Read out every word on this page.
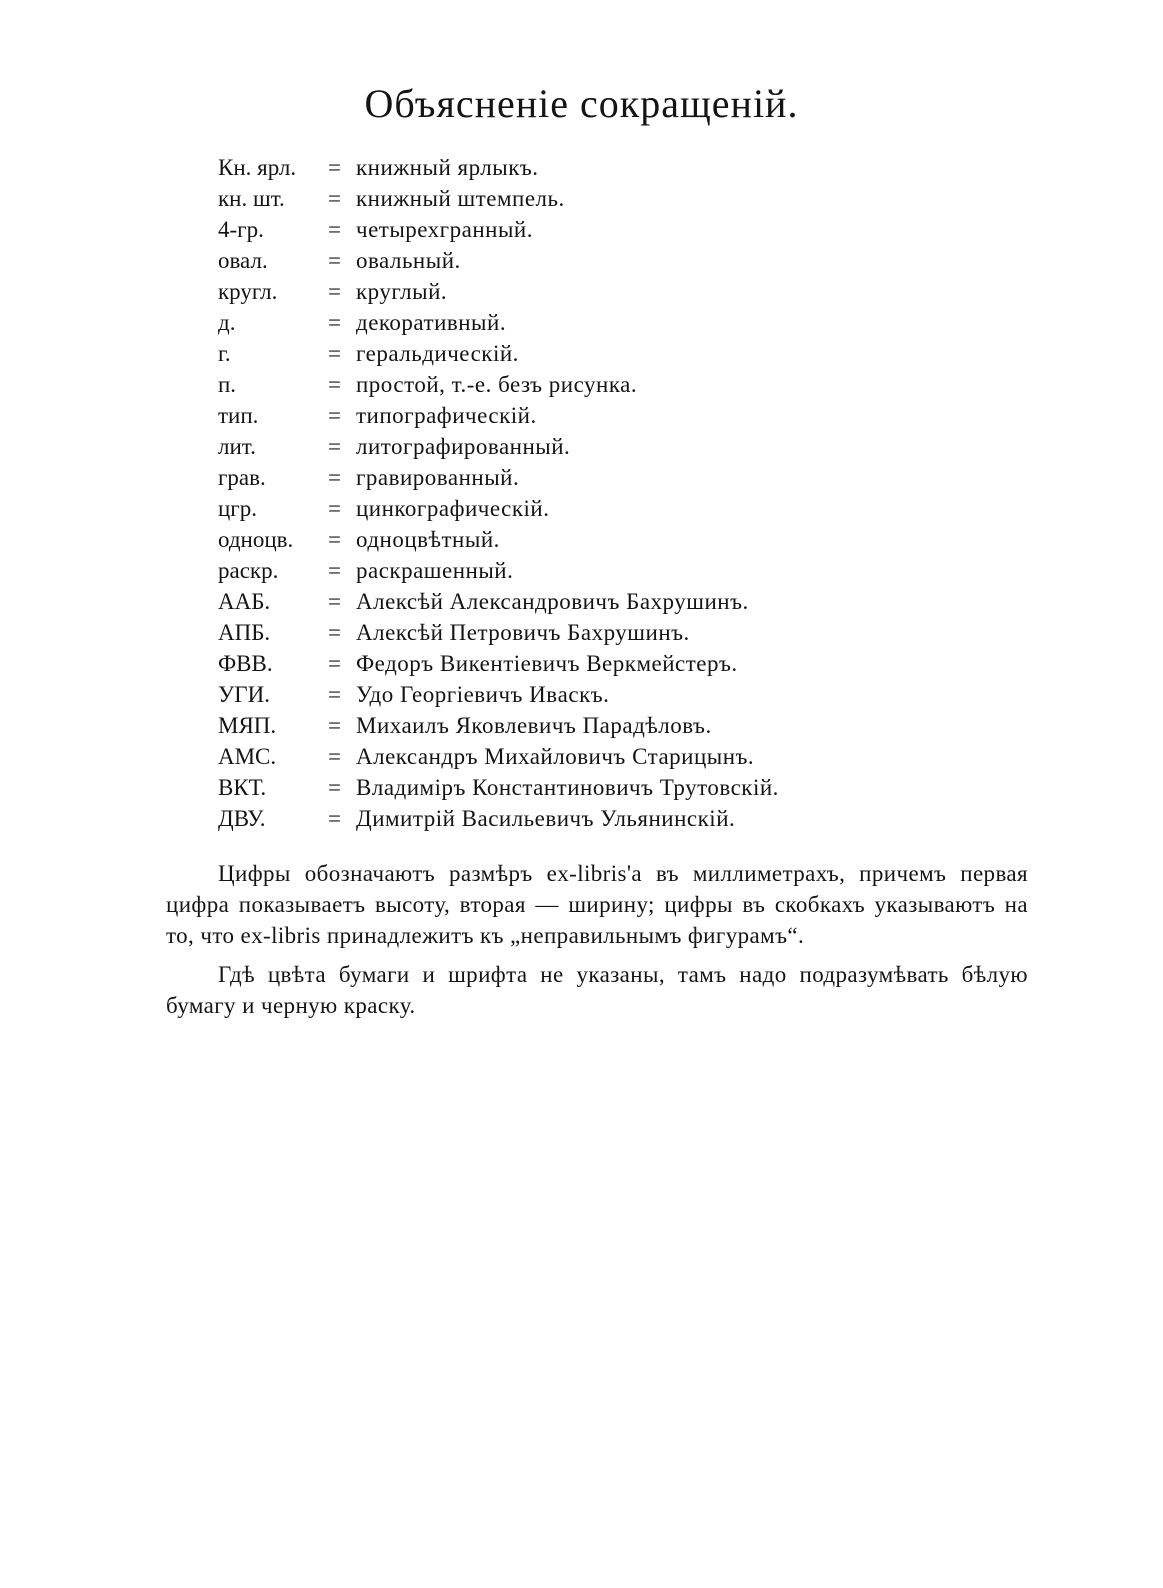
Объясненіе сокращеній.
Кн. ярл.	= книжный ярлыкъ.
кн. шт.	= книжный штемпель.
4-гр.	= четырехгранный.
овал.	= овальный.
кругл.	= круглый.
д.	= декоративный.
г.	= геральдическій.
п.	= простой, т.-е. безъ рисунка.
тип.	= типографическій.
лит.	= литографированный.
грав.	= гравированный.
цгр.	= цинкографическій.
одноцв.	= одноцвѣтный.
раскр.	= раскрашенный.
ААБ.	= Алексѣй Александровичъ Бахрушинъ.
АПБ.	= Алексѣй Петровичъ Бахрушинъ.
ФВВ.	= Федоръ Викентіевичъ Веркмейстеръ.
УГИ.	= Удо Георгіевичъ Ивaскъ.
МЯП.	= Михаилъ Яковлевичъ Парадѣловъ.
АМС.	= Александръ Михайловичъ Старицынъ.
ВКТ.	= Владиміръ Константиновичъ Трутовскій.
ДВУ.	= Димитрій Васильевичъ Ульянинскій.

Цифры обозначаютъ размѣръ ex-libris'a въ миллиметрахъ, причемъ первая цифра показываетъ высоту, вторая — ширину; цифры въ скобкахъ указываютъ на то, что ex-libris принадлежитъ къ „неправильнымъ фигурамъ“.

Гдѣ цвѣта бумаги и шрифта не указаны, тамъ надо подразумѣвать бѣлую бумагу и черную краску.
